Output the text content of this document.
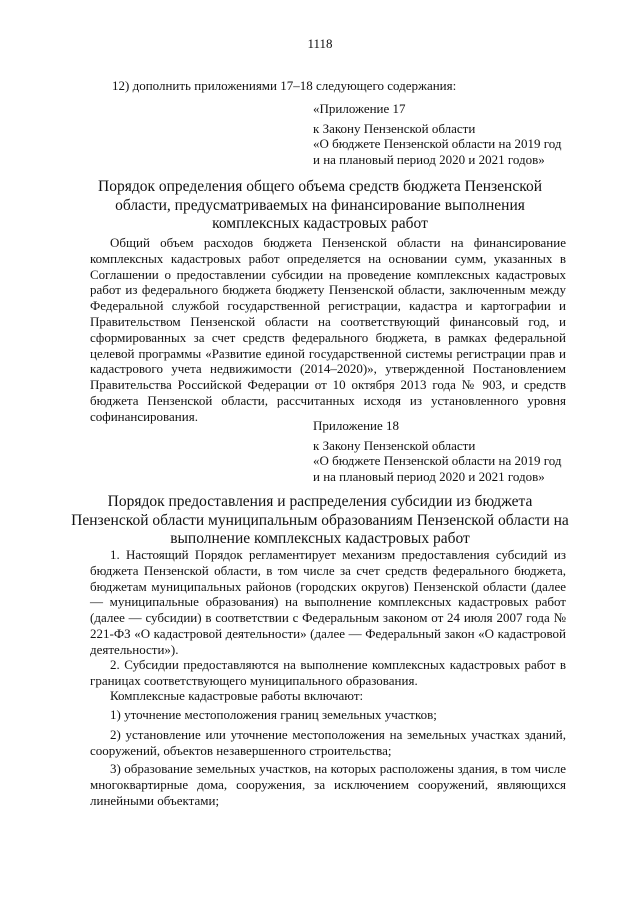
1118
12) дополнить приложениями 17–18 следующего содержания:
«Приложение 17
к Закону Пензенской области
«О бюджете Пензенской области на 2019 год
и на плановый период 2020 и 2021 годов»
Порядок определения общего объема средств бюджета Пензенской
области, предусматриваемых на финансирование выполнения
комплексных кадастровых работ
Общий объем расходов бюджета Пензенской области на финансирование комплексных кадастровых работ определяется на основании сумм, указанных в Соглашении о предоставлении субсидии на проведение комплексных кадастровых работ из федерального бюджета бюджету Пензенской области, заключенным между Федеральной службой государственной регистрации, кадастра и картографии и Правительством Пензенской области на соответствующий финансовый год, и сформированных за счет средств федерального бюджета, в рамках федеральной целевой программы «Развитие единой государственной системы регистрации прав и кадастрового учета недвижимости (2014–2020)», утвержденной Постановлением Правительства Российской Федерации от 10 октября 2013 года № 903, и средств бюджета Пензенской области, рассчитанных исходя из установленного уровня софинансирования.
Приложение 18
к Закону Пензенской области
«О бюджете Пензенской области на 2019 год
и на плановый период 2020 и 2021 годов»
Порядок предоставления и распределения субсидии из бюджета
Пензенской области муниципальным образованиям Пензенской области на
выполнение комплексных кадастровых работ
1. Настоящий Порядок регламентирует механизм предоставления субсидий из бюджета Пензенской области, в том числе за счет средств федерального бюджета, бюджетам муниципальных районов (городских округов) Пензенской области (далее — муниципальные образования) на выполнение комплексных кадастровых работ (далее — субсидии) в соответствии с Федеральным законом от 24 июля 2007 года № 221-ФЗ «О кадастровой деятельности» (далее — Федеральный закон «О кадастровой деятельности»).
2. Субсидии предоставляются на выполнение комплексных кадастровых работ в границах соответствующего муниципального образования.
Комплексные кадастровые работы включают:
1) уточнение местоположения границ земельных участков;
2) установление или уточнение местоположения на земельных участках зданий, сооружений, объектов незавершенного строительства;
3) образование земельных участков, на которых расположены здания, в том числе многоквартирные дома, сооружения, за исключением сооружений, являющихся линейными объектами;
